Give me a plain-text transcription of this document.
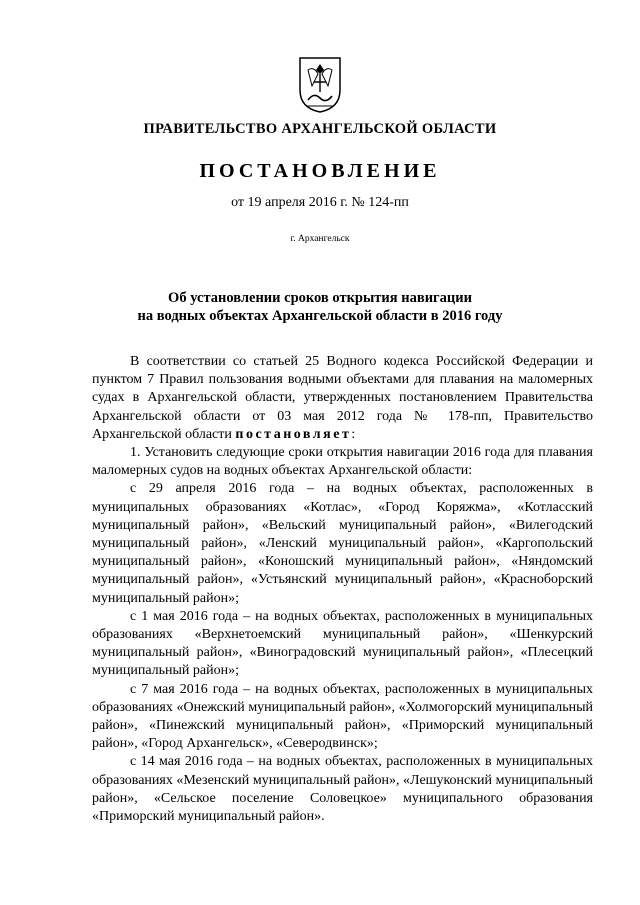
ПРАВИТЕЛЬСТВО АРХАНГЕЛЬСКОЙ ОБЛАСТИ
ПОСТАНОВЛЕНИЕ
от 19 апреля 2016 г. № 124-пп
г. Архангельск
Об установлении сроков открытия навигации
на водных объектах Архангельской области в 2016 году

В соответствии со статьей 25 Водного кодекса Российской Федерации и пунктом 7 Правил пользования водными объектами для плавания на маломерных судах в Архангельской области, утвержденных постановлением Правительства Архангельской области от 03 мая 2012 года № 178-пп, Правительство Архангельской области постановляет:

1. Установить следующие сроки открытия навигации 2016 года для плавания маломерных судов на водных объектах Архангельской области:

с 29 апреля 2016 года – на водных объектах, расположенных в муниципальных образованиях «Котлас», «Город Коряжма», «Котласский муниципальный район», «Вельский муниципальный район», «Вилегодский муниципальный район», «Ленский муниципальный район», «Каргопольский муниципальный район», «Коношский муниципальный район», «Няндомский муниципальный район», «Устьянский муниципальный район», «Красноборский муниципальный район»;

с 1 мая 2016 года – на водных объектах, расположенных в муниципальных образованиях «Верхнетоемский муниципальный район», «Шенкурский муниципальный район», «Виноградовский муниципальный район», «Плесецкий муниципальный район»;

с 7 мая 2016 года – на водных объектах, расположенных в муниципальных образованиях «Онежский муниципальный район», «Холмогорский муниципальный район», «Пинежский муниципальный район», «Приморский муниципальный район», «Город Архангельск», «Северодвинск»;

с 14 мая 2016 года – на водных объектах, расположенных в муниципальных образованиях «Мезенский муниципальный район», «Лешуконский муниципальный район», «Сельское поселение Соловецкое» муниципального образования «Приморский муниципальный район».
